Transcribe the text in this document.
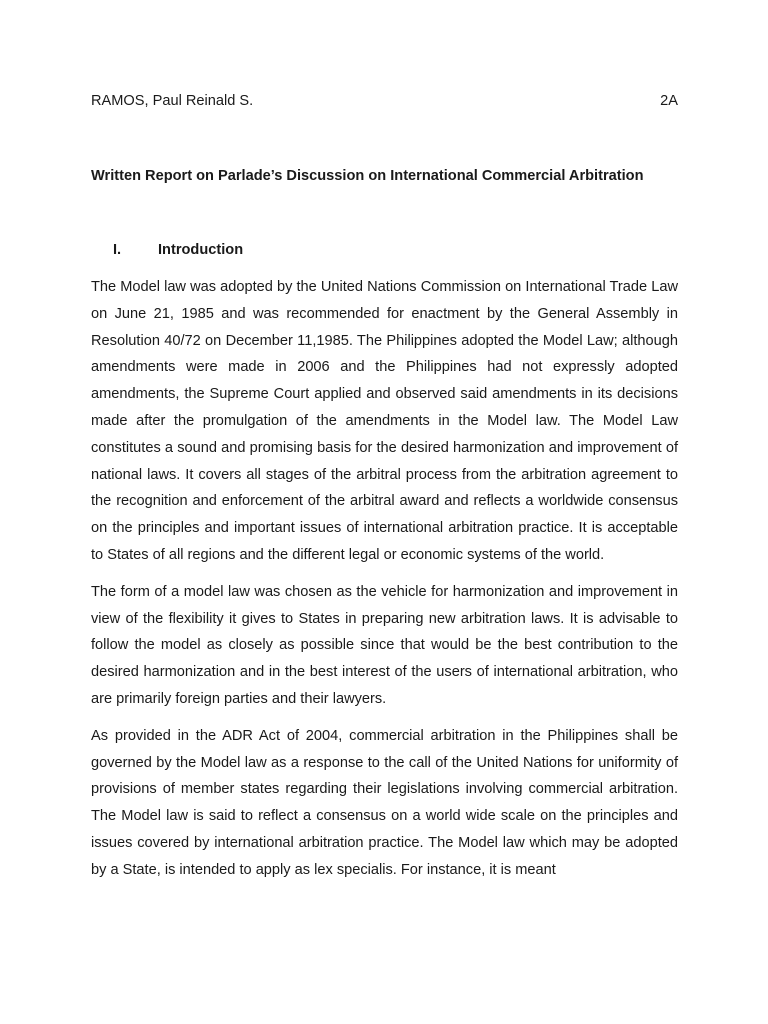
RAMOS, Paul Reinald S.	2A
Written Report on Parlade’s Discussion on International Commercial Arbitration
I.	Introduction

The Model law was adopted by the United Nations Commission on International Trade Law on June 21, 1985 and was recommended for enactment by the General Assembly in Resolution 40/72 on December 11,1985. The Philippines adopted the Model Law; although amendments were made in 2006 and the Philippines had not expressly adopted amendments, the Supreme Court applied and observed said amendments in its decisions made after the promulgation of the amendments in the Model law. The Model Law constitutes a sound and promising basis for the desired harmonization and improvement of national laws. It covers all stages of the arbitral process from the arbitration agreement to the recognition and enforcement of the arbitral award and reflects a worldwide consensus on the principles and important issues of international arbitration practice. It is acceptable to States of all regions and the different legal or economic systems of the world.

The form of a model law was chosen as the vehicle for harmonization and improvement in view of the flexibility it gives to States in preparing new arbitration laws. It is advisable to follow the model as closely as possible since that would be the best contribution to the desired harmonization and in the best interest of the users of international arbitration, who are primarily foreign parties and their lawyers.

As provided in the ADR Act of 2004, commercial arbitration in the Philippines shall be governed by the Model law as a response to the call of the United Nations for uniformity of provisions of member states regarding their legislations involving commercial arbitration. The Model law is said to reflect a consensus on a world wide scale on the principles and issues covered by international arbitration practice. The Model law which may be adopted by a State, is intended to apply as lex specialis. For instance, it is meant
